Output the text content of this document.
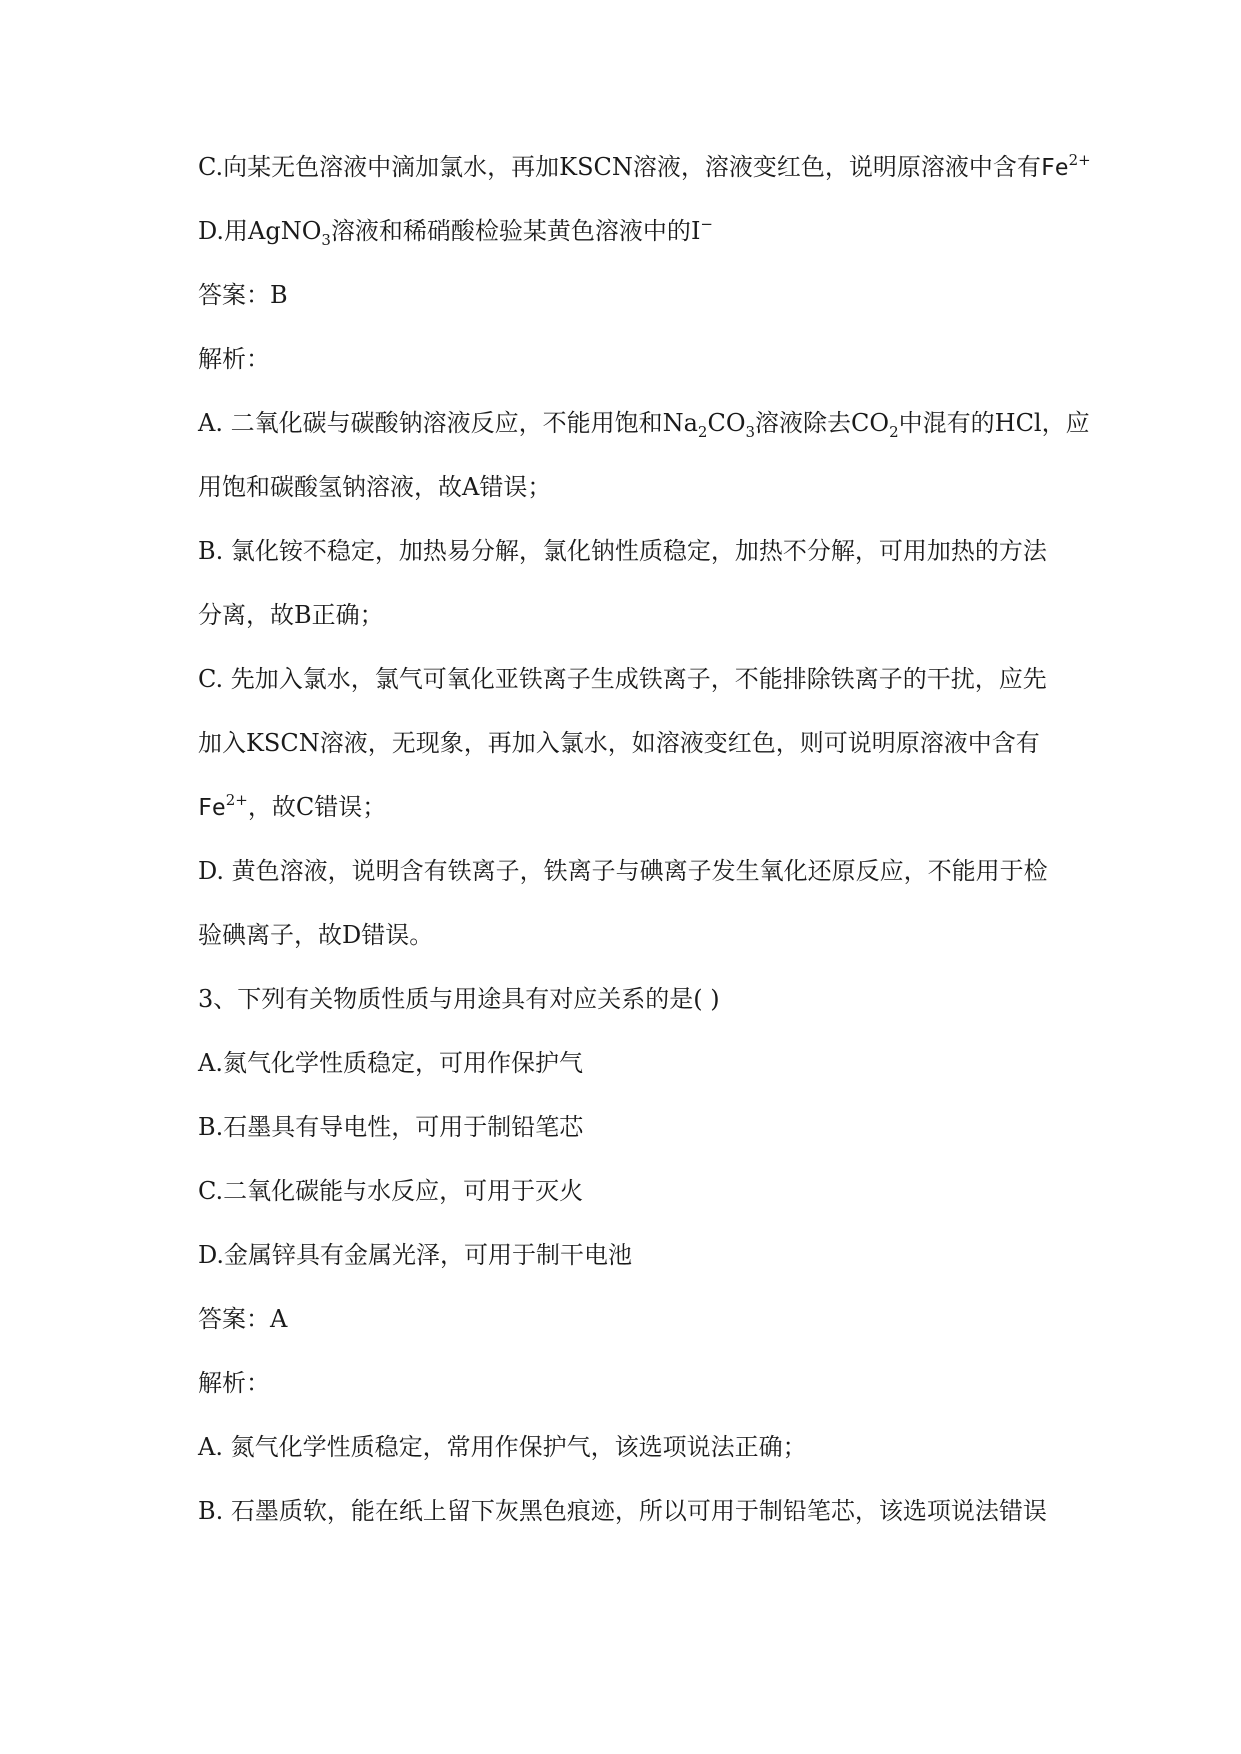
C.向某无色溶液中滴加氯水，再加KSCN溶液，溶液变红色，说明原溶液中含有$Fe^{2+}$
D.用AgNO$_3$溶液和稀硝酸检验某黄色溶液中的I−
答案：B
解析：
A. 二氧化碳与碳酸钠溶液反应，不能用饱和$Na_2CO_3$溶液除去$CO_2$中混有的HCl，应
用饱和碳酸氢钠溶液，故A错误；
B. 氯化铵不稳定，加热易分解，氯化钠性质稳定，加热不分解，可用加热的方法
分离，故B正确；
C. 先加入氯水，氯气可氧化亚铁离子生成铁离子，不能排除铁离子的干扰，应先
加入KSCN溶液，无现象，再加入氯水，如溶液变红色，则可说明原溶液中含有
$Fe^{2+}$，故C错误；
D. 黄色溶液，说明含有铁离子，铁离子与碘离子发生氧化还原反应，不能用于检
验碘离子，故D错误。
3、下列有关物质性质与用途具有对应关系的是( )
A.氮气化学性质稳定，可用作保护气
B.石墨具有导电性，可用于制铅笔芯
C.二氧化碳能与水反应，可用于灭火
D.金属锌具有金属光泽，可用于制干电池
答案：A
解析：
A. 氮气化学性质稳定，常用作保护气，该选项说法正确；
B. 石墨质软，能在纸上留下灰黑色痕迹，所以可用于制铅笔芯，该选项说法错误
